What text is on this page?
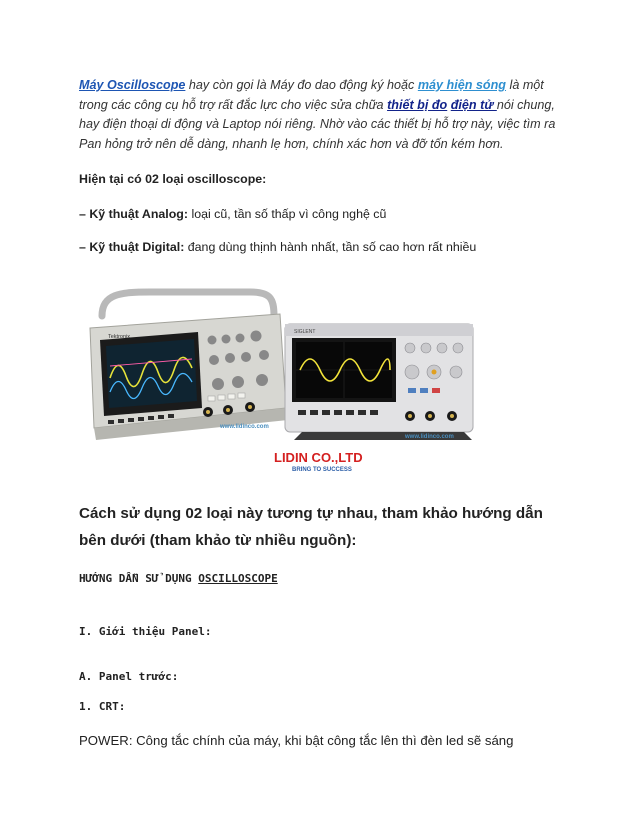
Máy Oscilloscope hay còn gọi là Máy đo dao động ký hoặc máy hiện sóng là một trong các công cụ hỗ trợ rất đắc lực cho việc sửa chữa thiết bị đo điện tử nói chung, hay điện thoại di động và Laptop nói riêng. Nhờ vào các thiết bị hỗ trợ này, việc tìm ra Pan hỏng trở nên dễ dàng, nhanh lẹ hơn, chính xác hơn và đỡ tốn kém hơn.

Hiện tại có 02 loại oscilloscope:
– Kỹ thuật Analog: loại cũ, tần số thấp vì công nghệ cũ
– Kỹ thuật Digital: đang dùng thịnh hành nhất, tần số cao hơn rất nhiều
Tektronix
www.lidinco.com
SIGLENT
www.lidinco.com
LIDIN CO.,LTD
BRING TO SUCCESS
Cách sử dụng 02 loại này tương tự nhau, tham khảo hướng dẫn bên dưới (tham khảo từ nhiều nguồn):
HƯỚNG DẪN SỬ DỤNG OSCILLOSCOPE
I. Giới thiệu Panel:
A. Panel trước:
1. CRT:
POWER: Công tắc chính của máy, khi bật công tắc lên thì đèn led sẽ sáng
